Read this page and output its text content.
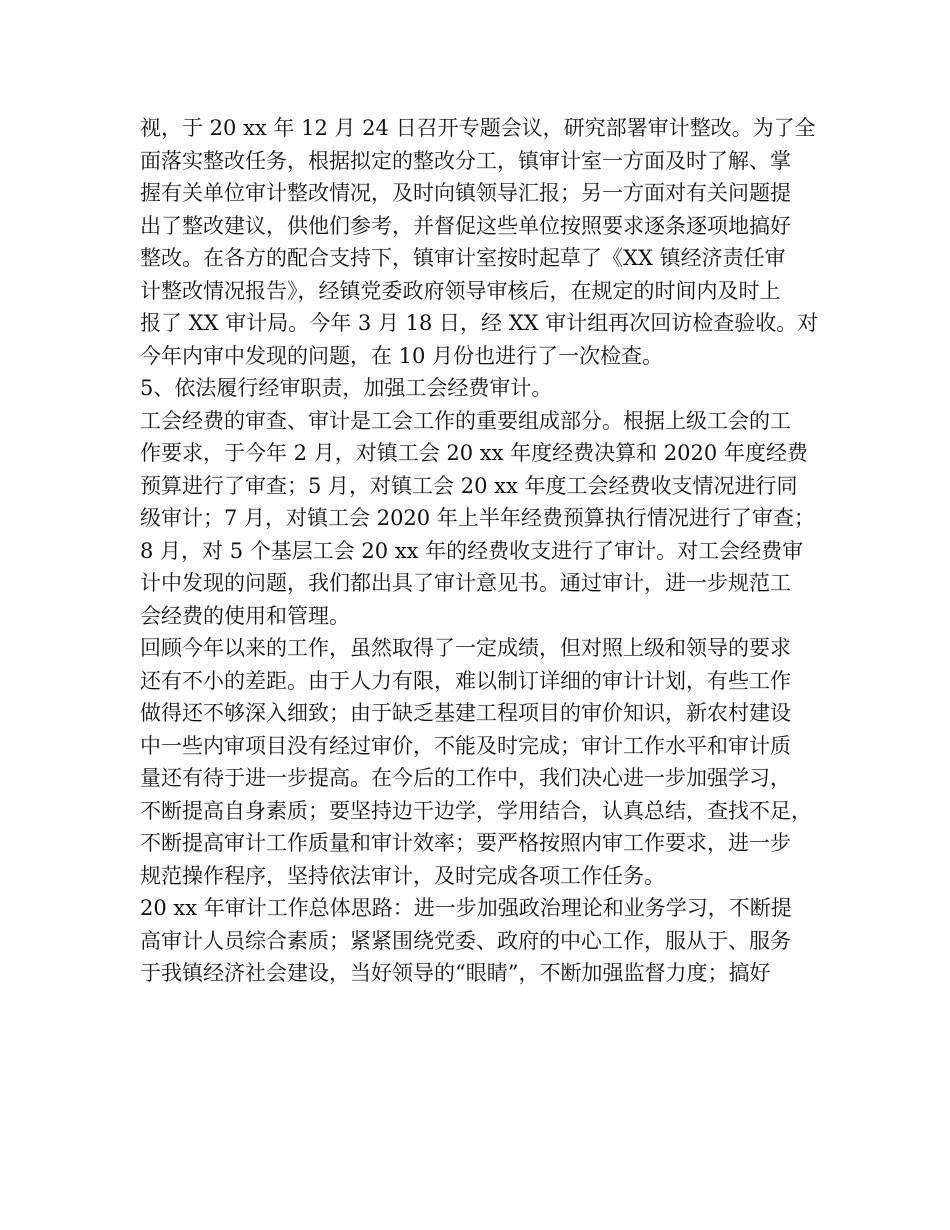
视，于 20 xx 年 12 月 24 日召开专题会议，研究部署审计整改。为了全
面落实整改任务，根据拟定的整改分工，镇审计室一方面及时了解、掌
握有关单位审计整改情况，及时向镇领导汇报；另一方面对有关问题提
出了整改建议，供他们参考，并督促这些单位按照要求逐条逐项地搞好
整改。在各方的配合支持下，镇审计室按时起草了《XX 镇经济责任审
计整改情况报告》，经镇党委政府领导审核后，在规定的时间内及时上
报了 XX 审计局。今年 3 月 18 日，经 XX 审计组再次回访检查验收。对
今年内审中发现的问题，在 10 月份也进行了一次检查。
5、依法履行经审职责，加强工会经费审计。
工会经费的审查、审计是工会工作的重要组成部分。根据上级工会的工
作要求，于今年 2 月，对镇工会 20 xx 年度经费决算和 2020 年度经费
预算进行了审查；5 月，对镇工会 20 xx 年度工会经费收支情况进行同
级审计；7 月，对镇工会 2020 年上半年经费预算执行情况进行了审查；
8 月，对 5 个基层工会 20 xx 年的经费收支进行了审计。对工会经费审
计中发现的问题，我们都出具了审计意见书。通过审计，进一步规范工
会经费的使用和管理。
回顾今年以来的工作，虽然取得了一定成绩，但对照上级和领导的要求
还有不小的差距。由于人力有限，难以制订详细的审计计划，有些工作
做得还不够深入细致；由于缺乏基建工程项目的审价知识，新农村建设
中一些内审项目没有经过审价，不能及时完成；审计工作水平和审计质
量还有待于进一步提高。在今后的工作中，我们决心进一步加强学习，
不断提高自身素质；要坚持边干边学，学用结合，认真总结，查找不足，
不断提高审计工作质量和审计效率；要严格按照内审工作要求，进一步
规范操作程序，坚持依法审计，及时完成各项工作任务。
20 xx 年审计工作总体思路：进一步加强政治理论和业务学习，不断提
高审计人员综合素质；紧紧围绕党委、政府的中心工作，服从于、服务
于我镇经济社会建设，当好领导的“眼睛”，不断加强监督力度；搞好
